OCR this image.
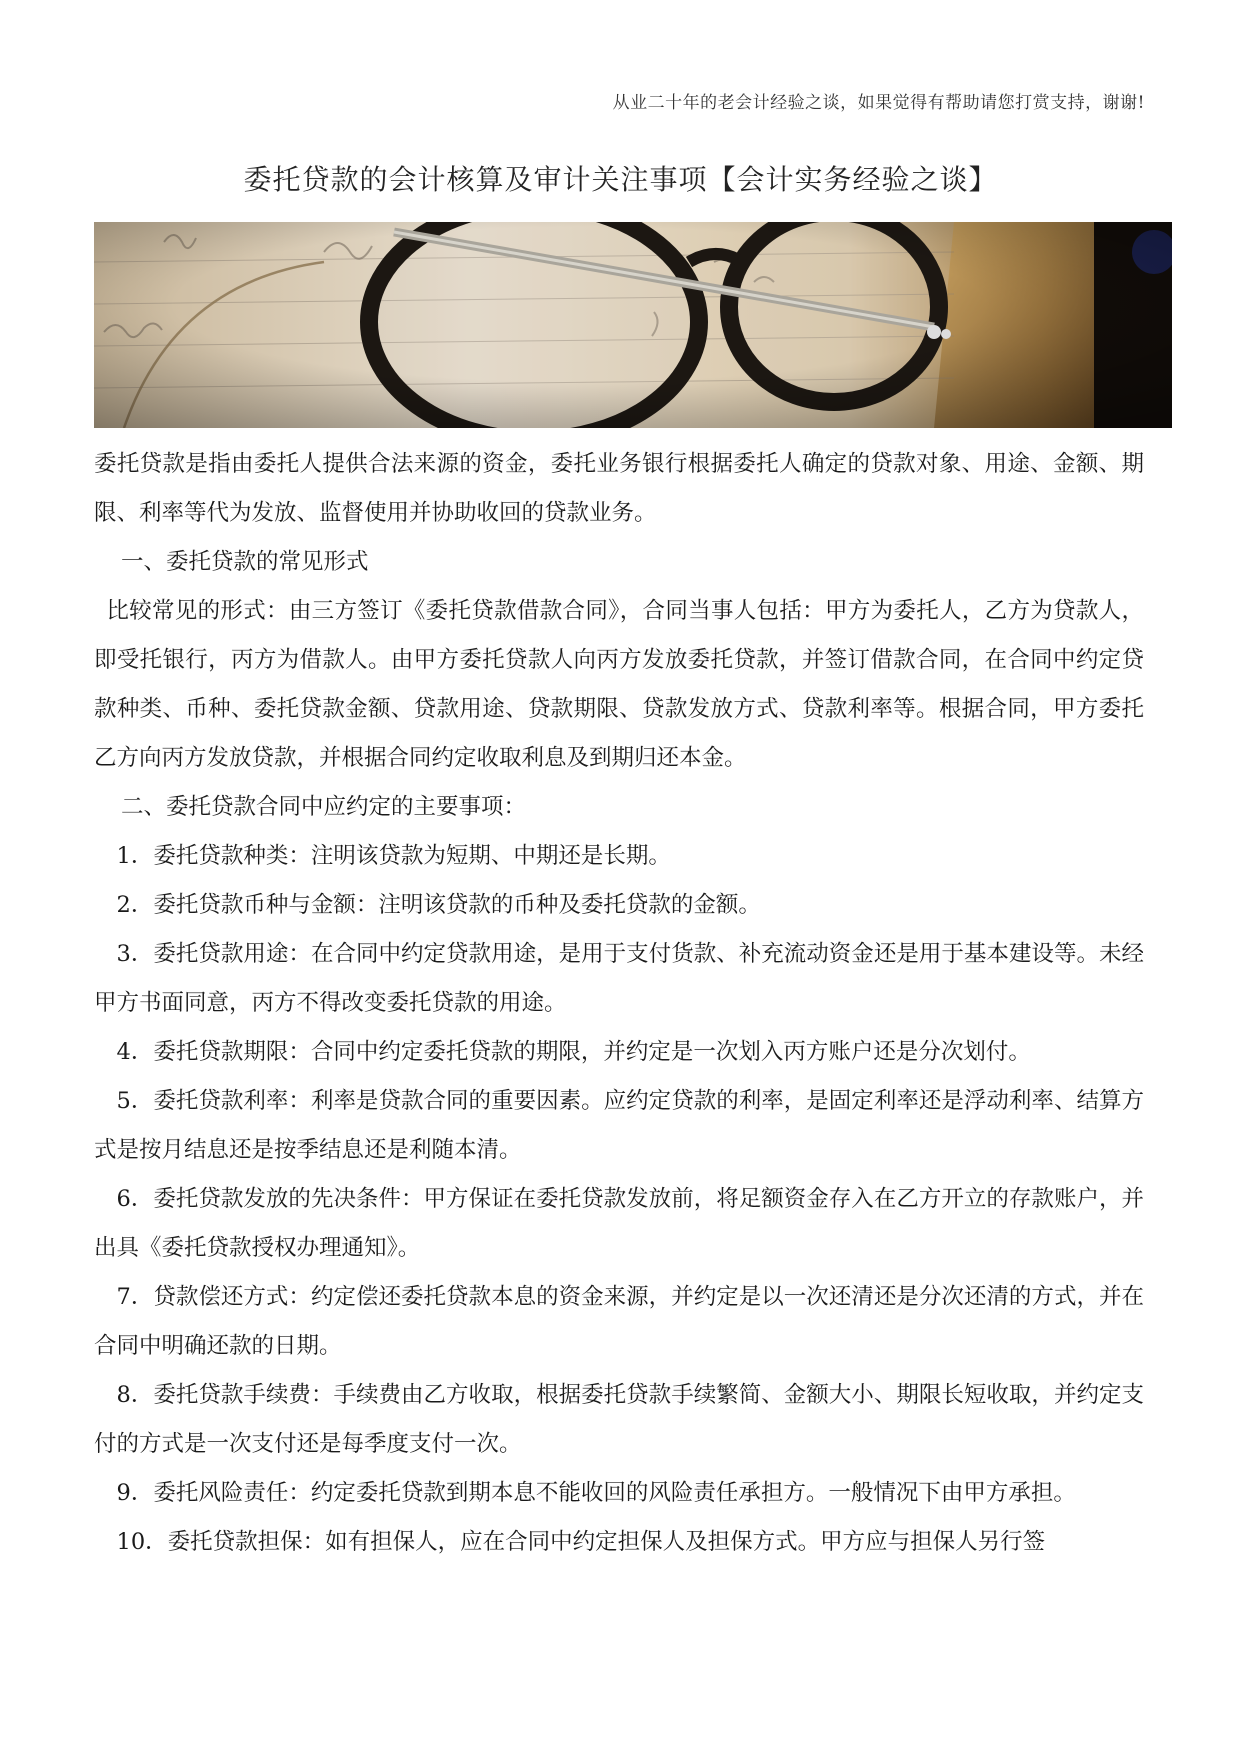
从业二十年的老会计经验之谈，如果觉得有帮助请您打赏支持，谢谢!
委托贷款的会计核算及审计关注事项【会计实务经验之谈】

委托贷款是指由委托人提供合法来源的资金，委托业务银行根据委托人确定的贷款对象、用途、金额、期限、利率等代为发放、监督使用并协助收回的贷款业务。

一、委托贷款的常见形式

比较常见的形式：由三方签订《委托贷款借款合同》，合同当事人包括：甲方为委托人，乙方为贷款人，即受托银行，丙方为借款人。由甲方委托贷款人向丙方发放委托贷款，并签订借款合同，在合同中约定贷款种类、币种、委托贷款金额、贷款用途、贷款期限、贷款发放方式、贷款利率等。根据合同，甲方委托乙方向丙方发放贷款，并根据合同约定收取利息及到期归还本金。

二、委托贷款合同中应约定的主要事项：

1．委托贷款种类：注明该贷款为短期、中期还是长期。

2．委托贷款币种与金额：注明该贷款的币种及委托贷款的金额。

3．委托贷款用途：在合同中约定贷款用途，是用于支付货款、补充流动资金还是用于基本建设等。未经甲方书面同意，丙方不得改变委托贷款的用途。

4．委托贷款期限：合同中约定委托贷款的期限，并约定是一次划入丙方账户还是分次划付。

5．委托贷款利率：利率是贷款合同的重要因素。应约定贷款的利率，是固定利率还是浮动利率、结算方式是按月结息还是按季结息还是利随本清。

6．委托贷款发放的先决条件：甲方保证在委托贷款发放前，将足额资金存入在乙方开立的存款账户，并出具《委托贷款授权办理通知》。

7．贷款偿还方式：约定偿还委托贷款本息的资金来源，并约定是以一次还清还是分次还清的方式，并在合同中明确还款的日期。

8．委托贷款手续费：手续费由乙方收取，根据委托贷款手续繁简、金额大小、期限长短收取，并约定支付的方式是一次支付还是每季度支付一次。

9．委托风险责任：约定委托贷款到期本息不能收回的风险责任承担方。一般情况下由甲方承担。

10．委托贷款担保：如有担保人，应在合同中约定担保人及担保方式。甲方应与担保人另行签
